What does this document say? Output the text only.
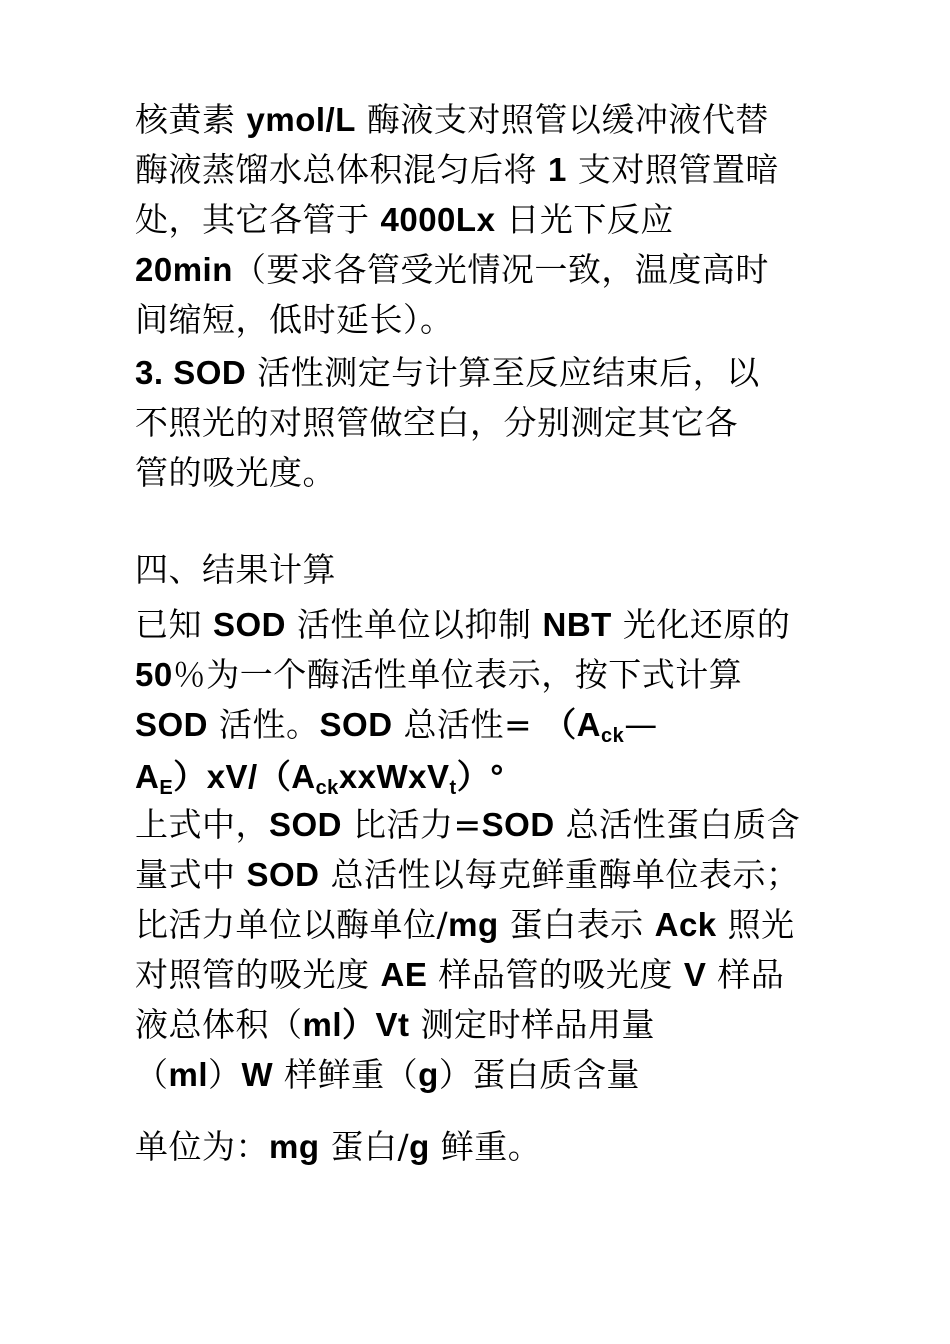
核黄素 ymol/L 酶液支对照管以缓冲液代替
酶液蒸馏水总体积混匀后将 1 支对照管置暗
处，其它各管于 4000Lx 日光下反应
20min（要求各管受光情况一致，温度高时
间缩短，低时延长）。
3. SOD 活性测定与计算至反应结束后，以
不照光的对照管做空白，分别测定其它各
管的吸光度。
四、结果计算
已知 SOD 活性单位以抑制 NBT 光化还原的
50％为一个酶活性单位表示，按下式计算
SOD 活性。SOD 总活性= （$A_{ck}—$
$A_E)xV/(A_{ck}xxWxV_t)^\circ$
上式中，SOD 比活力=SOD 总活性蛋白质含
量式中 SOD 总活性以每克鲜重酶单位表示；
比活力单位以酶单位/mg 蛋白表示 Ack 照光
对照管的吸光度 AE 样品管的吸光度 V 样品
液总体积（ml）Vt 测定时样品用量
（ml）W 样鲜重（g）蛋白质含量
单位为：mg 蛋白/g 鲜重。
